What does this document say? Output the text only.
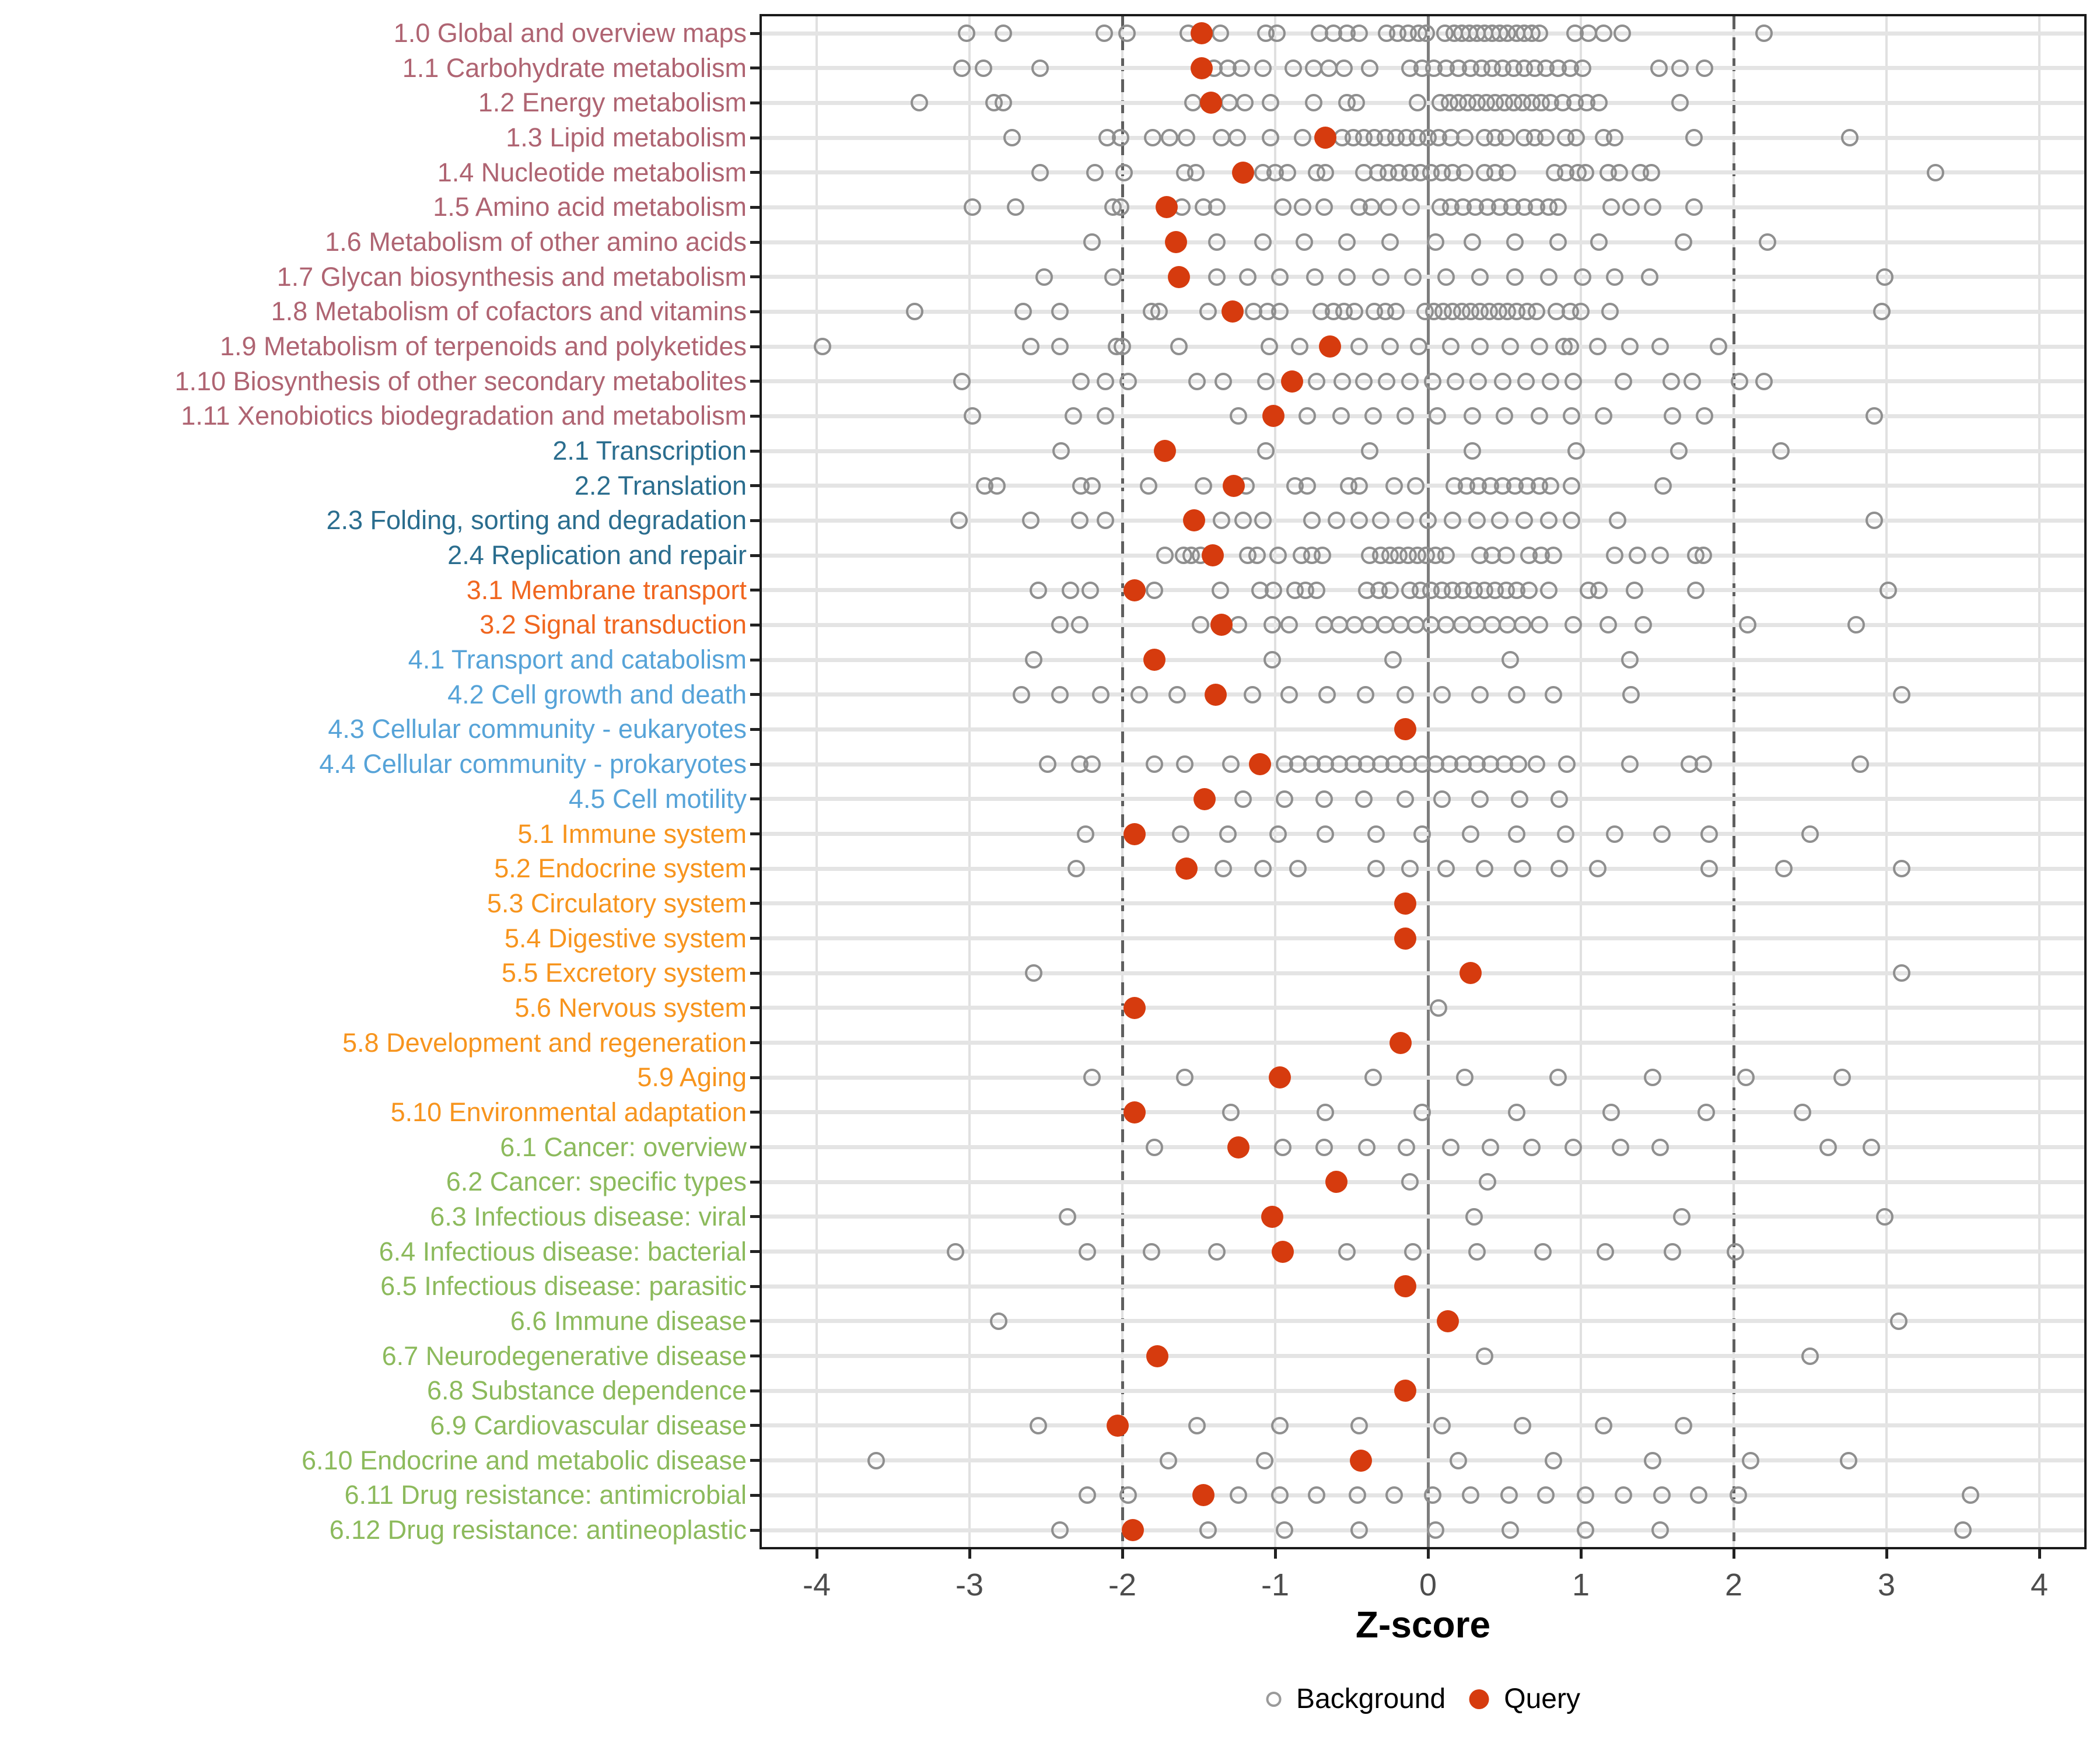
Z-score
Background Query
1.0 Global and overview maps
1.1 Carbohydrate metabolism
1.2 Energy metabolism
1.3 Lipid metabolism
1.4 Nucleotide metabolism
1.5 Amino acid metabolism
1.6 Metabolism of other amino acids
1.7 Glycan biosynthesis and metabolism
1.8 Metabolism of cofactors and vitamins
1.9 Metabolism of terpenoids and polyketides
1.10 Biosynthesis of other secondary metabolites
1.11 Xenobiotics biodegradation and metabolism
2.1 Transcription
2.2 Translation
2.3 Folding, sorting and degradation
2.4 Replication and repair
3.1 Membrane transport
3.2 Signal transduction
4.1 Transport and catabolism
4.2 Cell growth and death
4.3 Cellular community - eukaryotes
4.4 Cellular community - prokaryotes
4.5 Cell motility
5.1 Immune system
5.2 Endocrine system
5.3 Circulatory system
5.4 Digestive system
5.5 Excretory system
5.6 Nervous system
5.8 Development and regeneration
5.9 Aging
5.10 Environmental adaptation
6.1 Cancer: overview
6.2 Cancer: specific types
6.3 Infectious disease: viral
6.4 Infectious disease: bacterial
6.5 Infectious disease: parasitic
6.6 Immune disease
6.7 Neurodegenerative disease
6.8 Substance dependence
6.9 Cardiovascular disease
6.10 Endocrine and metabolic disease
6.11 Drug resistance: antimicrobial
6.12 Drug resistance: antineoplastic
-4	-3	-2	-1	0	1	2	3	4
